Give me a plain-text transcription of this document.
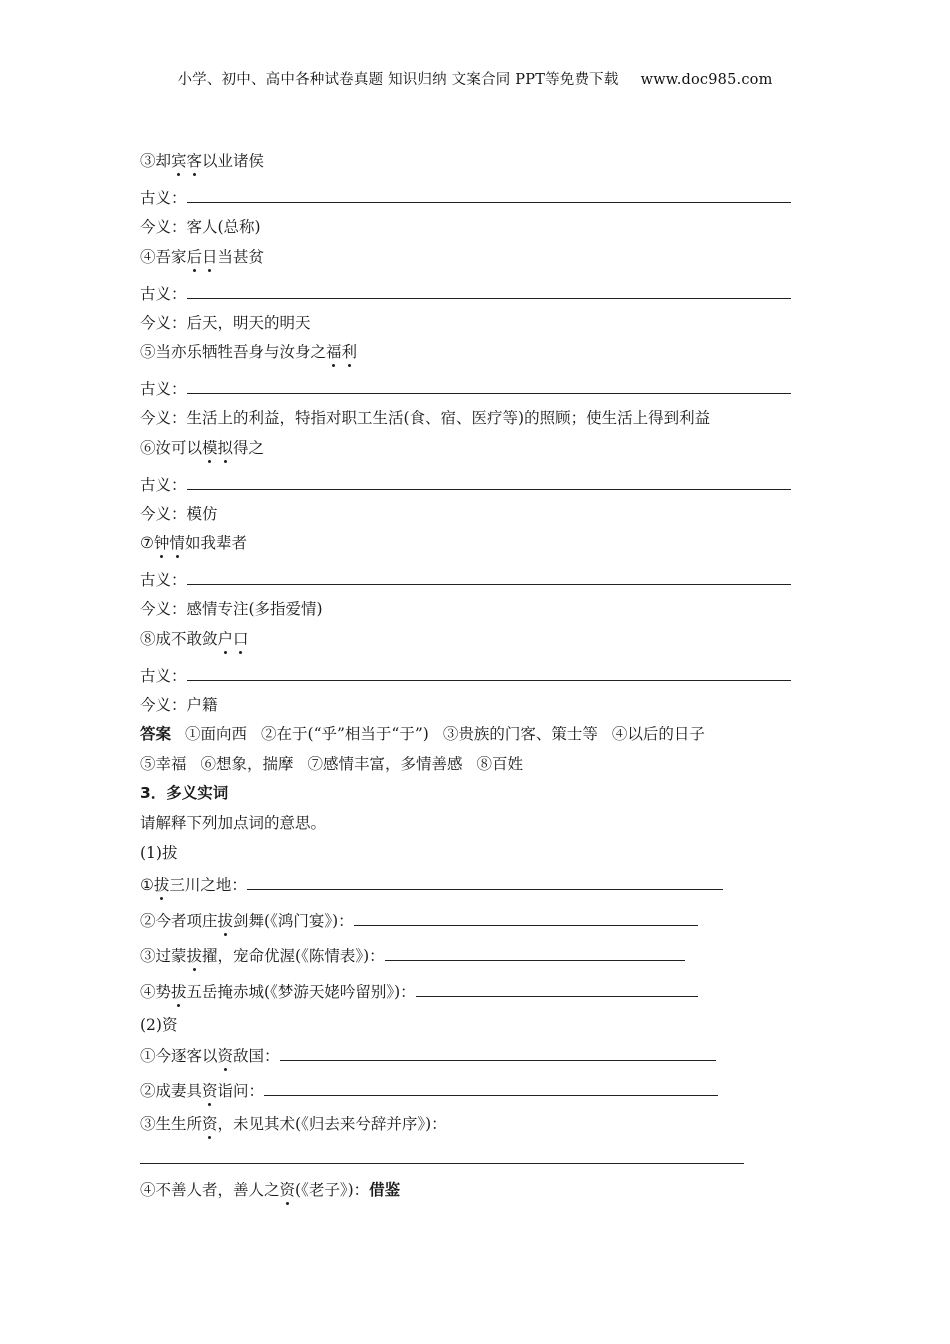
小学、初中、高中各种试卷真题 知识归纳 文案合同 PPT等免费下载 www.doc985.com
③却宾客以业诸侯
古义：
今义：客人(总称)
④吾家后日当甚贫
古义：
今义：后天，明天的明天
⑤当亦乐牺牲吾身与汝身之福利
古义：
今义：生活上的利益，特指对职工生活(食、宿、医疗等)的照顾；使生活上得到利益
⑥汝可以模拟得之
古义：
今义：模仿
⑦钟情如我辈者
古义：
今义：感情专注(多指爱情)
⑧成不敢敛户口
古义：
今义：户籍
答案 ①面向西 ②在于(“乎”相当于“于”) ③贵族的门客、策士等 ④以后的日子
⑤幸福 ⑥想象，揣摩 ⑦感情丰富，多情善感 ⑧百姓
3．多义实词
请解释下列加点词的意思。
(1)拔
①拔三川之地：
②今者项庄拔剑舞(《鸿门宴》)：
③过蒙拔擢，宠命优渥(《陈情表》)：
④势拔五岳掩赤城(《梦游天姥吟留别》)：
(2)资
①今逐客以资敌国：
②成妻具资诣问：
③生生所资，未见其术(《归去来兮辞并序》)：
④不善人者，善人之资(《老子》)：借鉴
